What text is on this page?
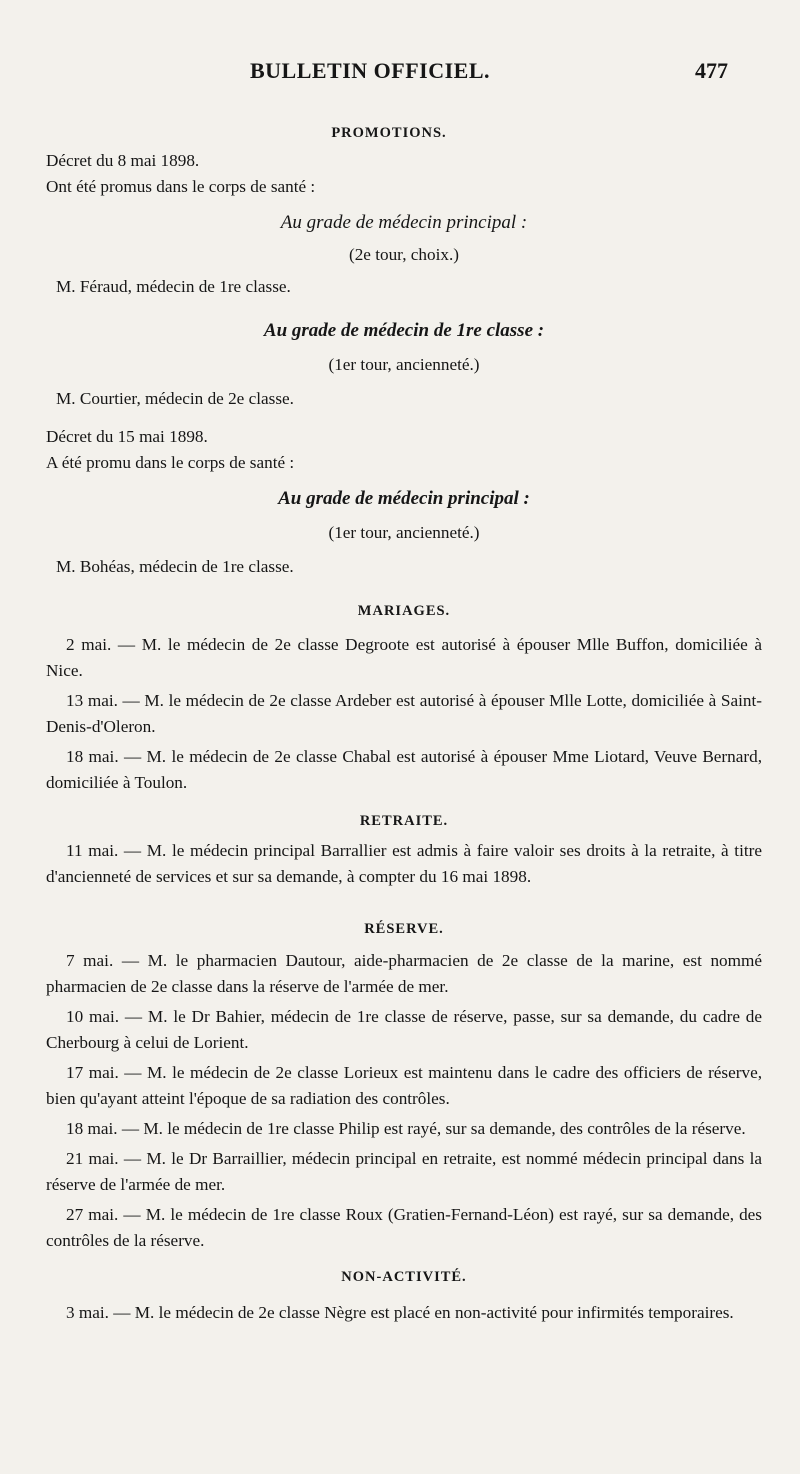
BULLETIN OFFICIEL.	477

PROMOTIONS.

Décret du 8 mai 1898.

Ont été promus dans le corps de santé :

Au grade de médecin principal :

(2e tour, choix.)

M. Féraud, médecin de 1re classe.

Au grade de médecin de 1re classe :

(1er tour, ancienneté.)

M. Courtier, médecin de 2e classe.

Décret du 15 mai 1898.

A été promu dans le corps de santé :

Au grade de médecin principal :

(1er tour, ancienneté.)

M. Bohéas, médecin de 1re classe.

MARIAGES.

2 mai. — M. le médecin de 2e classe Degroote est autorisé à épouser Mlle Buffon, domiciliée à Nice.

13 mai. — M. le médecin de 2e classe Ardeber est autorisé à épouser Mlle Lotte, domiciliée à Saint-Denis-d'Oleron.

18 mai. — M. le médecin de 2e classe Chabal est autorisé à épouser Mme Liotard, Veuve Bernard, domiciliée à Toulon.

RETRAITE.

11 mai. — M. le médecin principal Barrallier est admis à faire valoir ses droits à la retraite, à titre d'ancienneté de services et sur sa demande, à compter du 16 mai 1898.

RÉSERVE.

7 mai. — M. le pharmacien Dautour, aide-pharmacien de 2e classe de la marine, est nommé pharmacien de 2e classe dans la réserve de l'armée de mer.

10 mai. — M. le Dr Bahier, médecin de 1re classe de réserve, passe, sur sa demande, du cadre de Cherbourg à celui de Lorient.

17 mai. — M. le médecin de 2e classe Lorieux est maintenu dans le cadre des officiers de réserve, bien qu'ayant atteint l'époque de sa radiation des contrôles.

18 mai. — M. le médecin de 1re classe Philip est rayé, sur sa demande, des contrôles de la réserve.

21 mai. — M. le Dr Barraillier, médecin principal en retraite, est nommé médecin principal dans la réserve de l'armée de mer.

27 mai. — M. le médecin de 1re classe Roux (Gratien-Fernand-Léon) est rayé, sur sa demande, des contrôles de la réserve.

NON-ACTIVITÉ.

3 mai. — M. le médecin de 2e classe Nègre est placé en non-activité pour infirmités temporaires.
